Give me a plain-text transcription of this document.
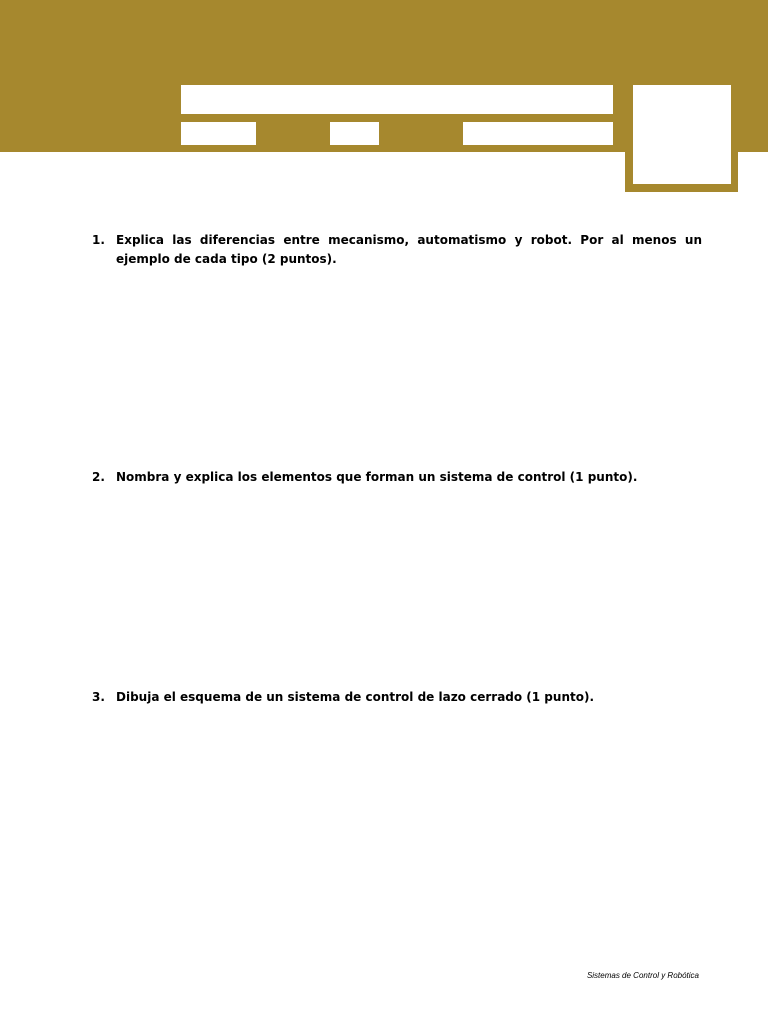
1. Explica las diferencias entre mecanismo, automatismo y robot. Por al menos un ejemplo de cada tipo (2 puntos).
2. Nombra y explica los elementos que forman un sistema de control (1 punto).
3. Dibuja el esquema de un sistema de control de lazo cerrado (1 punto).
Sistemas de Control y Robótica
